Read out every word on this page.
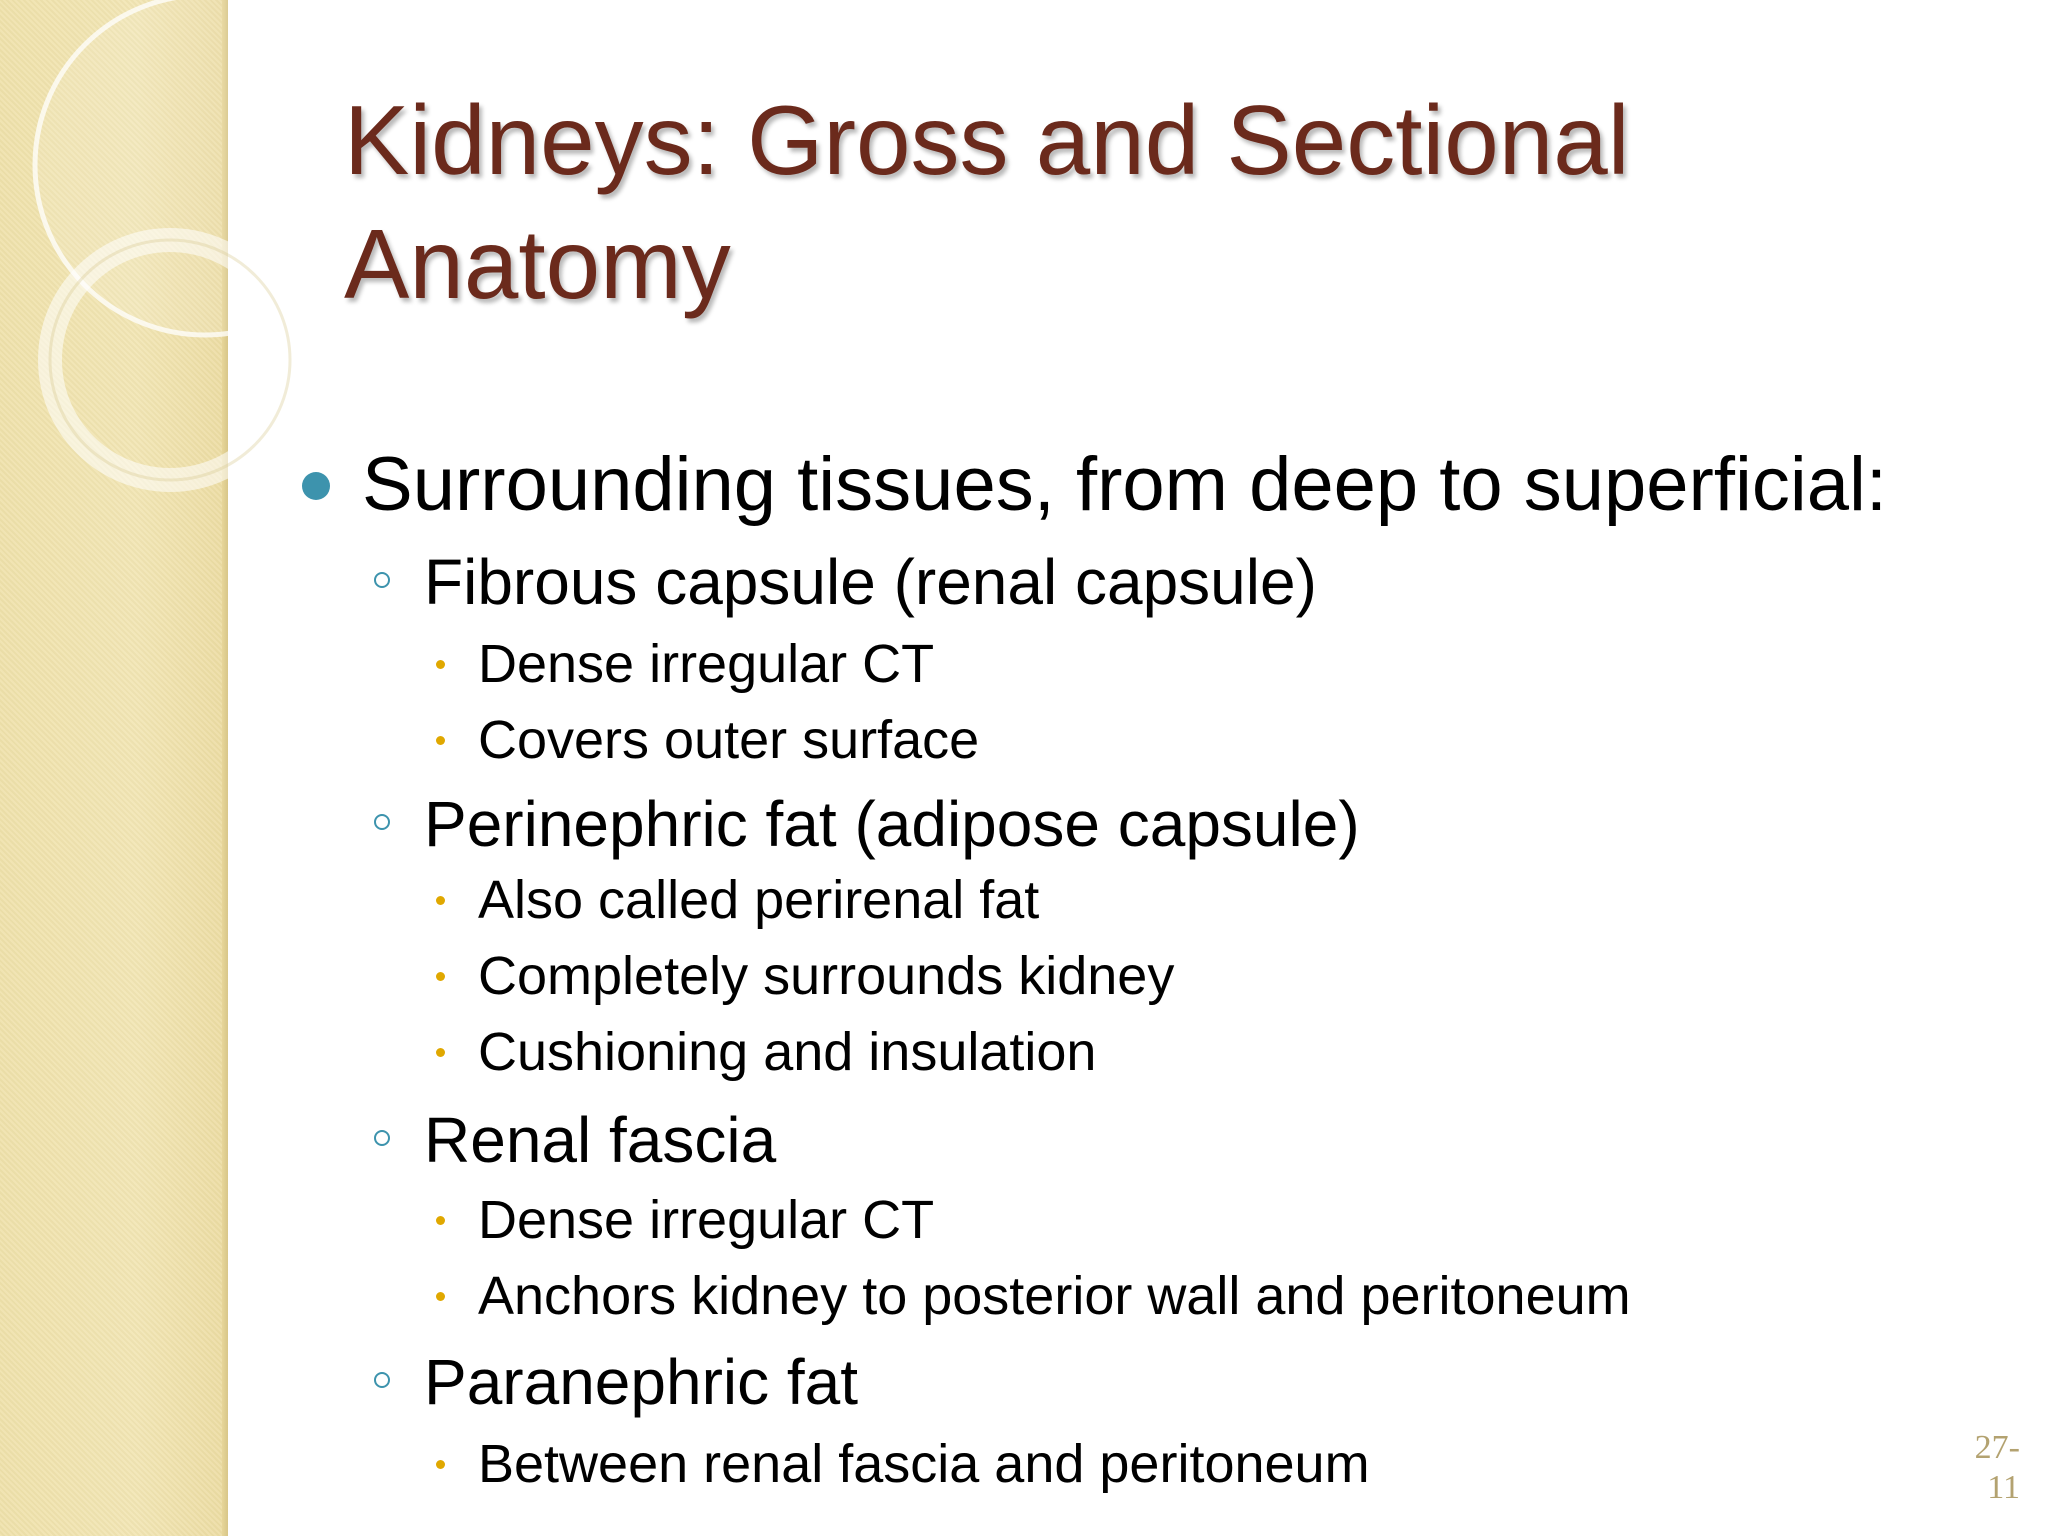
Kidneys: Gross and Sectional Anatomy
Surrounding tissues, from deep to superficial:
Fibrous capsule (renal capsule)
Dense irregular CT
Covers outer surface
Perinephric fat (adipose capsule)
Also called perirenal fat
Completely surrounds kidney
Cushioning and insulation
Renal fascia
Dense irregular CT
Anchors kidney to posterior wall and peritoneum
Paranephric fat
Between renal fascia and peritoneum	27-
11
